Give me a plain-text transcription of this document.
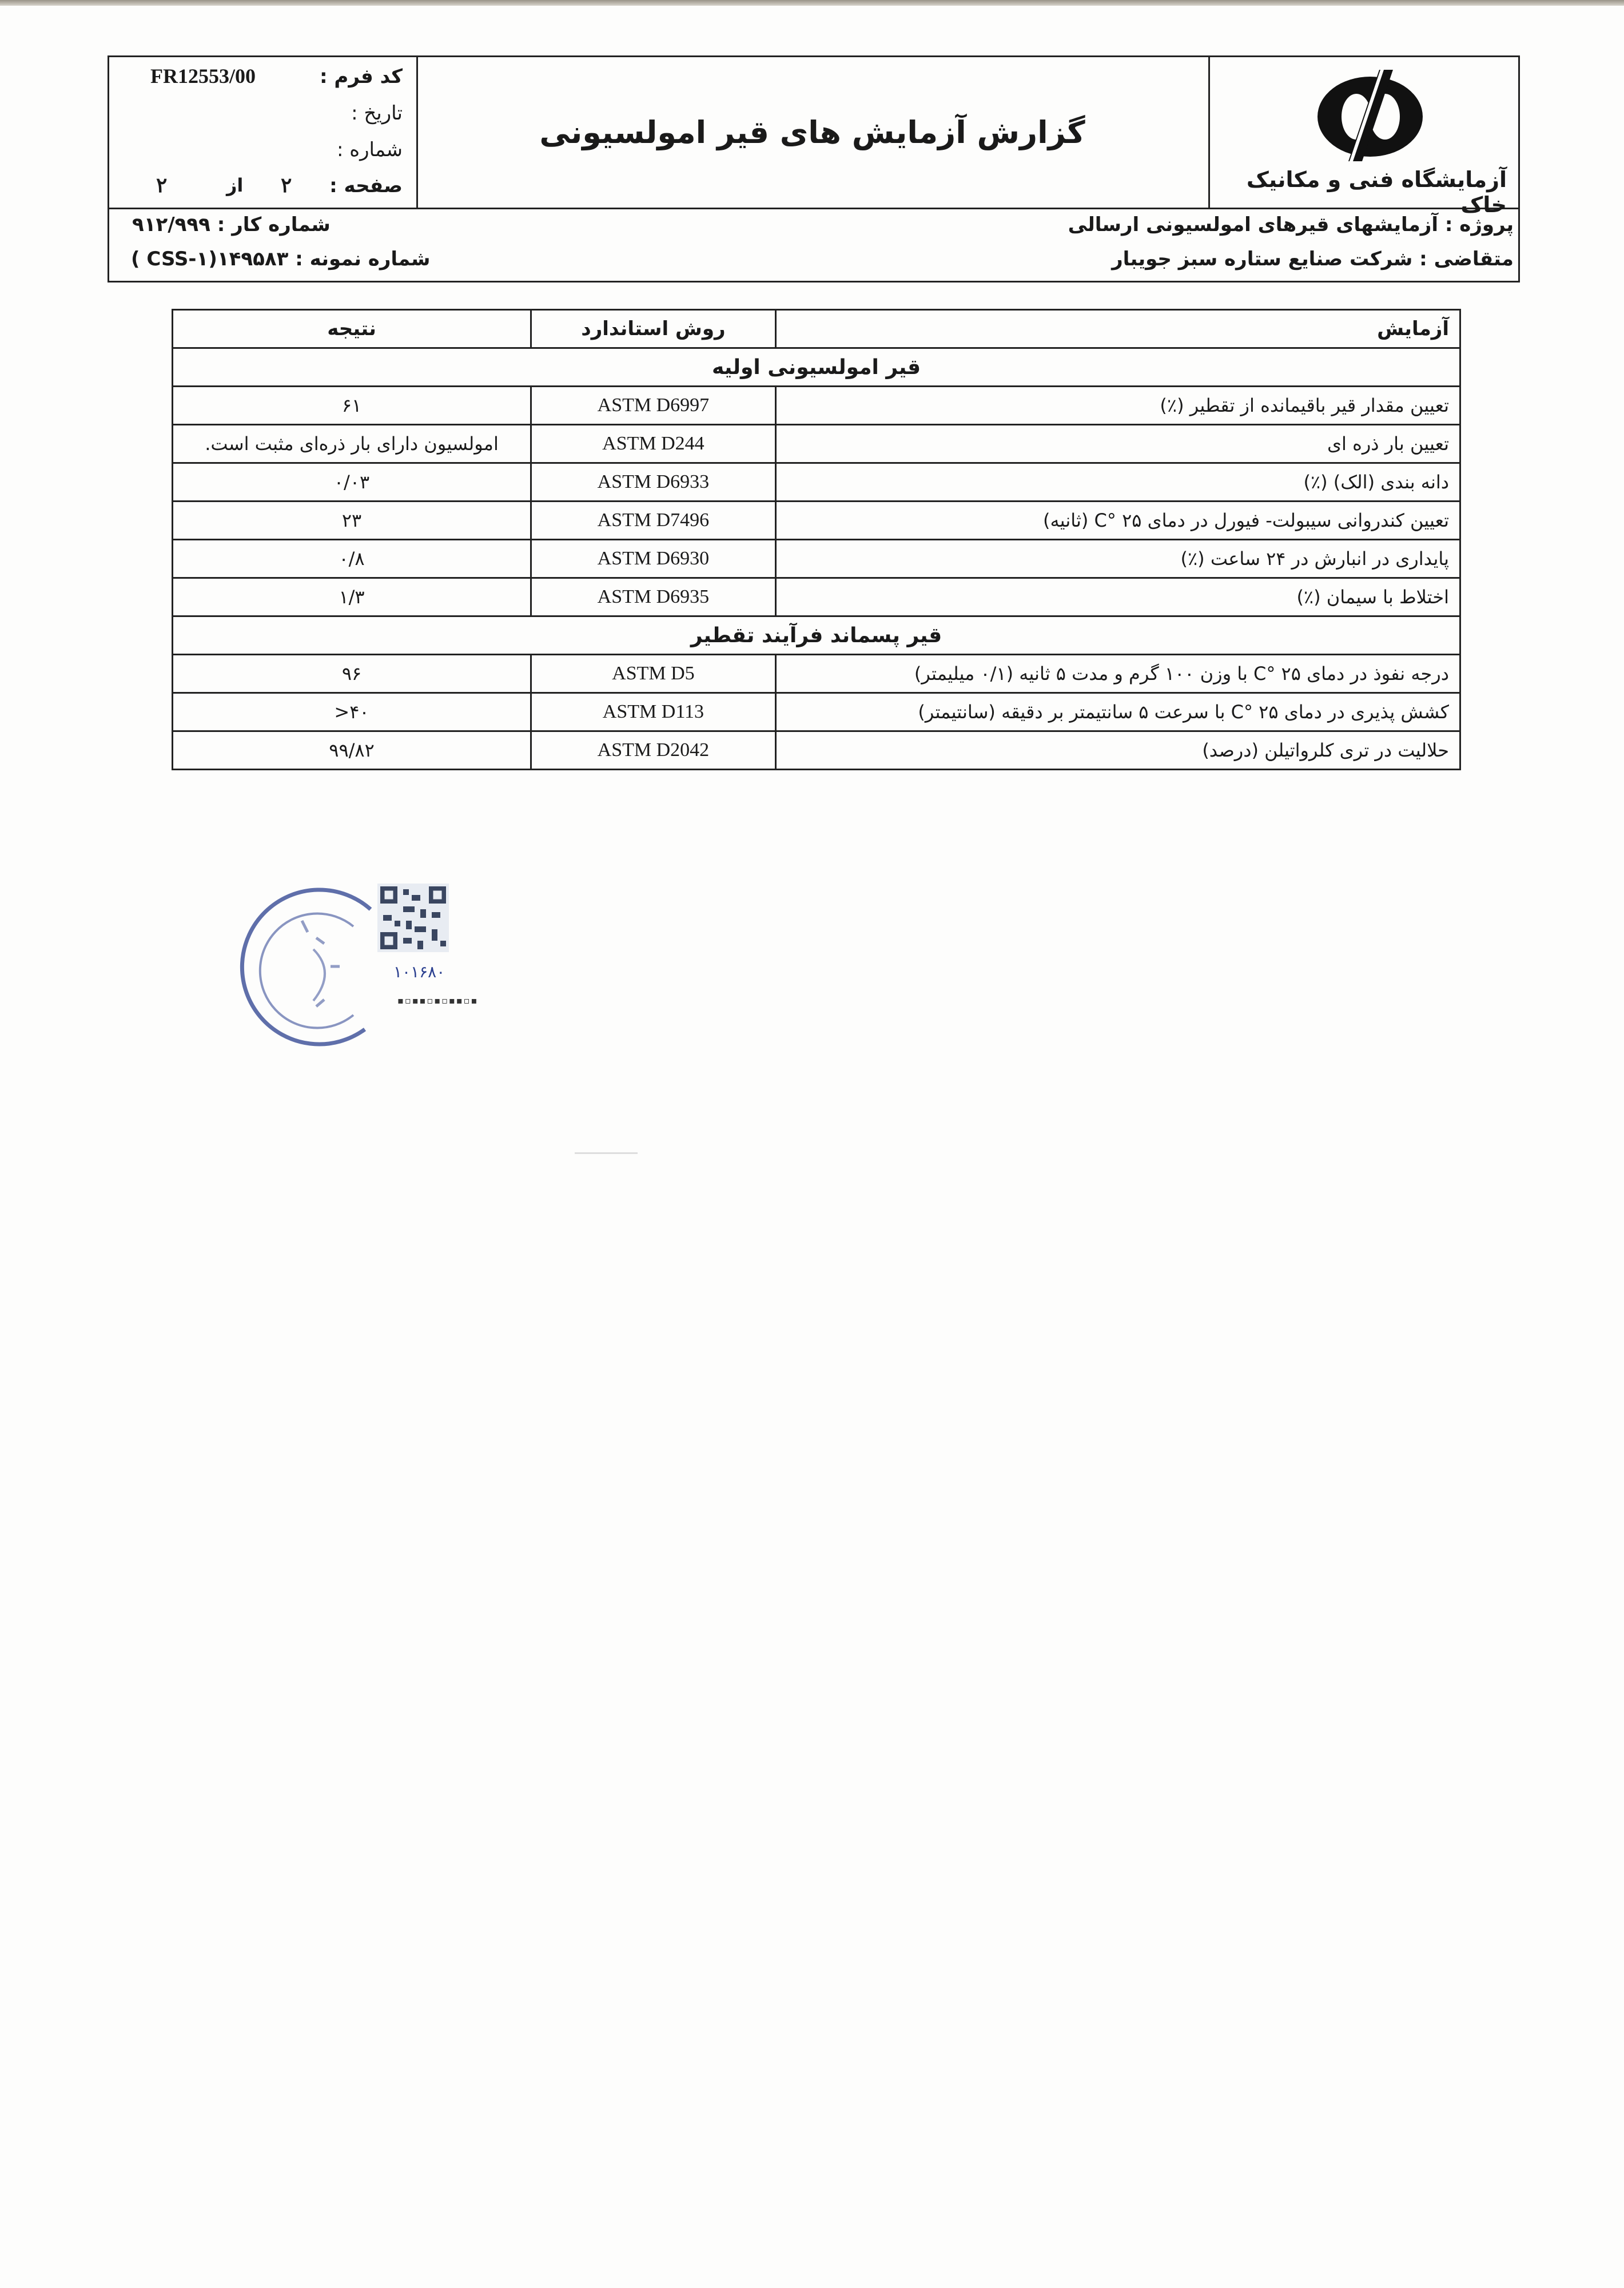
کد فرم :
FR12553/00
تاریخ :
شماره :
صفحه :
۲
از
۲
گزارش آزمایش های قیر امولسیونی
آزمایشگاه فنی و مکانیک خاک
شماره کار : ۹۱۲/۹۹۹
شماره نمونه : ۱۴۹۵۸۳(۱-CSS )
پروژه : آزمایشهای قیرهای امولسیونی ارسالی
متقاضی : شرکت صنایع ستاره سبز جویبار
آزمایش	روش استاندارد	نتیجه
قیر امولسیونی اولیه		
تعیین مقدار قیر باقیمانده از تقطیر (٪)	ASTM D6997	۶۱
تعیین بار ذره ای	ASTM D244	امولسیون دارای بار ذره‌ای مثبت است.
دانه بندی (الک) (٪)	ASTM D6933	۰/۰۳
تعیین کندروانی سیبولت- فیورل در دمای ۲۵ °C (ثانیه)	ASTM D7496	۲۳
پایداری در انبارش در ۲۴ ساعت (٪)	ASTM D6930	۰/۸
اختلاط با سیمان (٪)	ASTM D6935	۱/۳
قیر پسماند فرآیند تقطیر		
درجه نفوذ در دمای ۲۵ °C با وزن ۱۰۰ گرم و مدت ۵ ثانیه (۰/۱ میلیمتر)	ASTM D5	۹۶
کشش پذیری در دمای ۲۵ °C با سرعت ۵ سانتیمتر بر دقیقه (سانتیمتر)	ASTM D113	۴۰<
حلالیت در تری کلرواتیلن (درصد)	ASTM D2042	۹۹/۸۲
۱۰۱۶۸۰
▪▫▪▪▫▪▫▪▪▫▪
